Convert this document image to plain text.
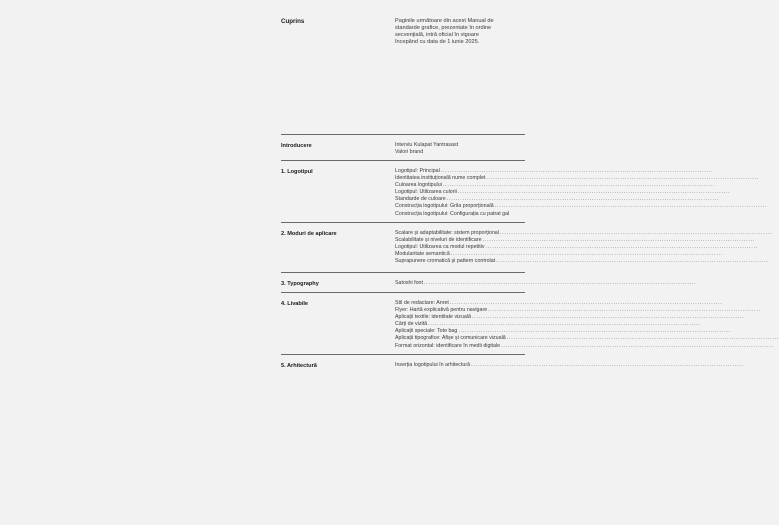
Cuprins	Paginile următoare din acest Manual de
standarde grafice, prezentate în ordine
secvențială, intră oficial în vigoare
începând cu data de 1 iunie 2025.
Introducere	Interviu Kulapat Yantrasast
Valori brand
1. Logotipul	Logotipul: Principal ........................................................................................................................
Identitatea instituțională nume complet ........................................................................................................................
Culoarea logotipului ........................................................................................................................
Logotipul: Utilizarea culorii ........................................................................................................................
Standarde de culoare ........................................................................................................................
Construcția logotipului: Grila proporțională ........................................................................................................................
Construcția logotipului: Configurația cu patrat gal
2. Moduri de aplicare	Scalare și adaptabilitate: sistem proporțional ........................................................................................................................
Scalabilitate și niveluri de identificare ........................................................................................................................
Logotipul: Utilizarea ca modul repetitiv ........................................................................................................................
Modularitate semantică ........................................................................................................................
Suprapunere cromatică și pattern controlat ........................................................................................................................
3. Typography	Satoshi font ........................................................................................................................
4. Livabile	Stil de redactare: Anret ........................................................................................................................
Flyer: Hartă explicativă pentru navigare ........................................................................................................................
Aplicații textile: identitate vizuală ........................................................................................................................
Cărți de vizită ........................................................................................................................
Aplicații speciale: Tote bag ........................................................................................................................
Aplicații tipografice: Afișe și comunicare vizuală ........................................................................................................................
Format orizontal: identificare în medii digitale ........................................................................................................................
5. Arhitectură	Inserția logotipului în arhitectură ........................................................................................................................
